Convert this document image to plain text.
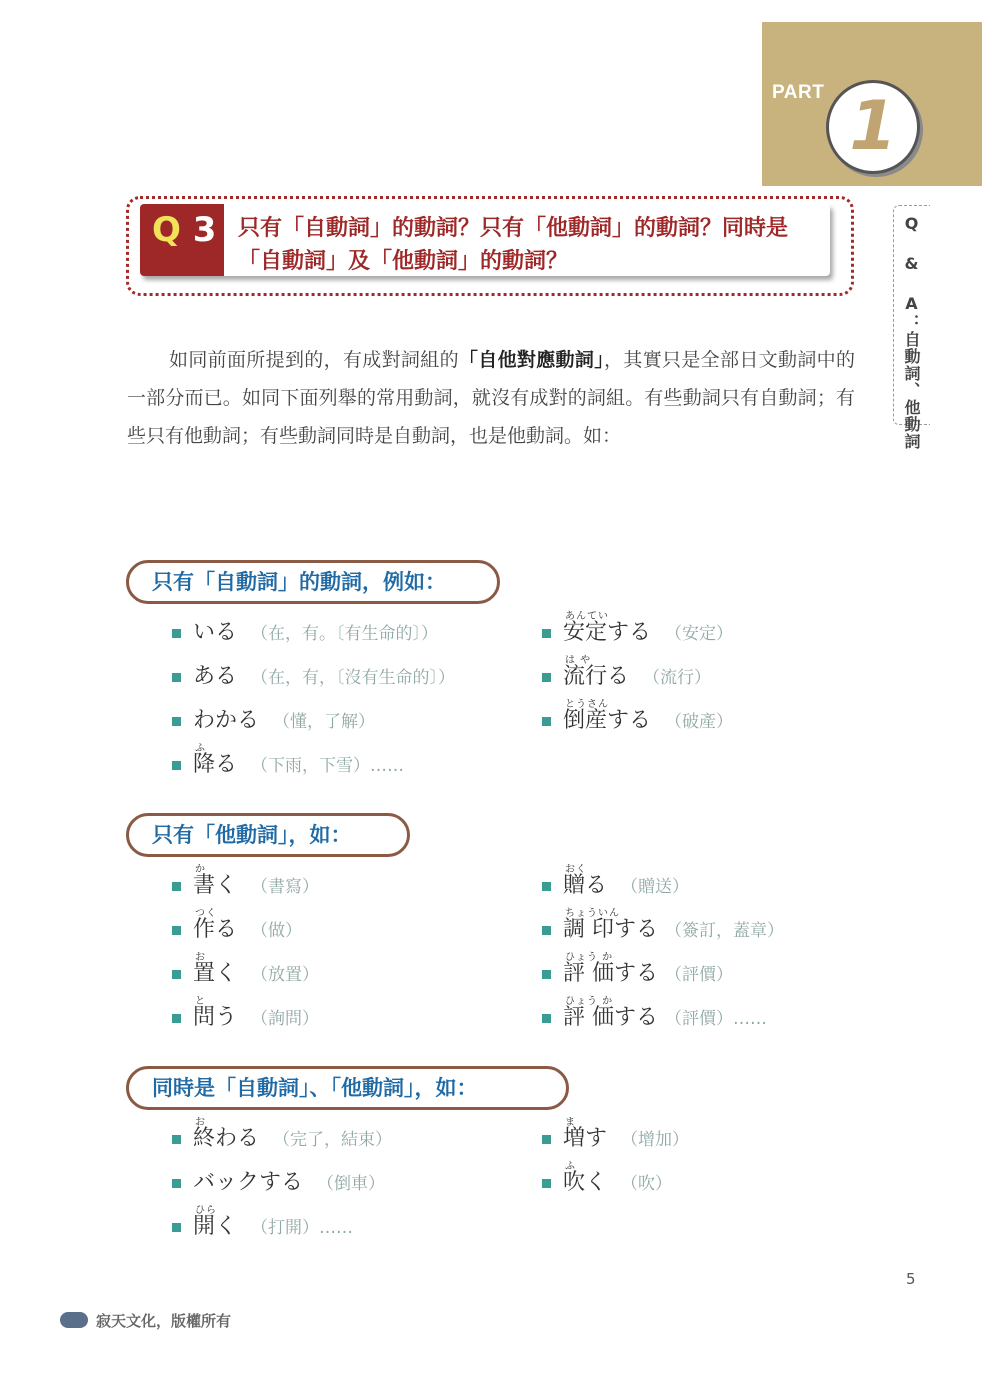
PART 1
Q & A：自動詞、他動詞
Q 3 只有「自動詞」的動詞？只有「他動詞」的動詞？同時是「自動詞」及「他動詞」的動詞？
如同前面所提到的，有成對詞組的「自他對應動詞」，其實只是全部日文動詞中的一部分而已。如同下面列舉的常用動詞，就沒有成對的詞組。有些動詞只有自動詞；有些只有他動詞；有些動詞同時是自動詞，也是他動詞。如：
只有「自動詞」的動詞，例如：
只有「他動詞」，如：
同時是「自動詞」、「他動詞」，如：
いる （在，有。〔有生命的〕）
ある （在，有，〔沒有生命的〕）
わかる （懂，了解）
降る
ふ
（下雨，下雪）……
安定する
あんてい
（安定）
流行る
は や
（流行）
倒産する
とうさん
（破產）
書く
か
（書寫）
作る
つく
（做）
置く
お
（放置）
問う
と
（詢問）
贈る
おく
（贈送）
調 印する
ちょういん
（簽訂，蓋章）
評 価する
ひょう か
（評價）
評 価する
ひょう か
（評價）……
終わる
お
（完了，結束）
バックする （倒車）
開く
ひら
（打開）……
増す
ま
（增加）
吹く
ふ
（吹）
5
寂天文化，版權所有
